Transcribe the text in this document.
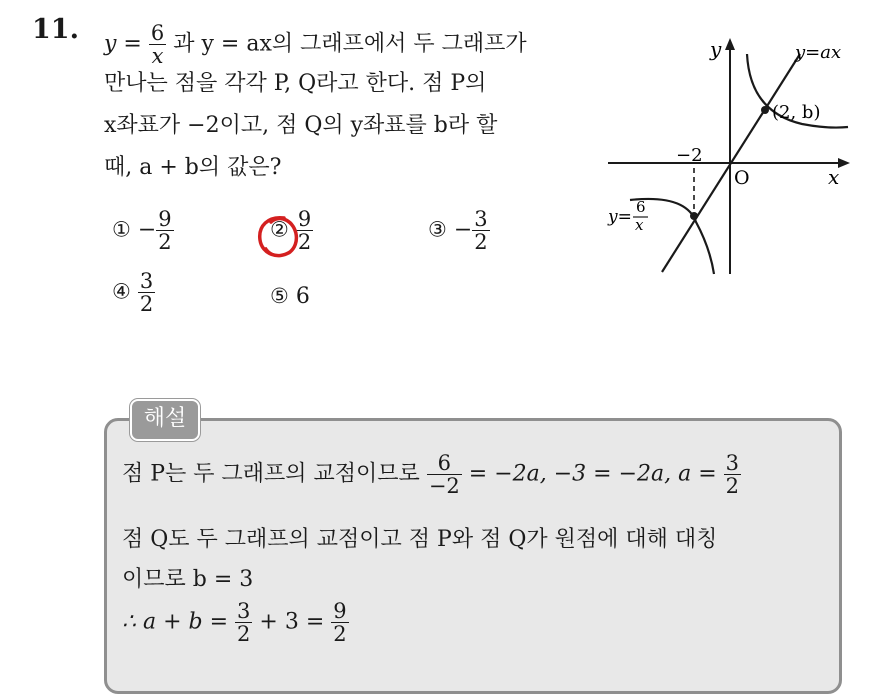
11. $y = \frac{6}{x}$ 과 y = ax의 그래프에서 두 그래프가
만나는 점을 각각 P, Q라고 한다. 점 P의
x좌표가 −2이고, 점 Q의 y좌표를 b라 할
때, a + b의 값은?
① − $\frac{9}{2}$	② $\frac{9}{2}$	③ − $\frac{3}{2}$
④ $\frac{3}{2}$	⑤ 6
y
x
O
y=ax
(2, b)
−2
y= 6
x
해설
점 P는 두 그래프의 교점이므로 $\frac{6}{-2} = -2a$, −3 = −2a, $a = \frac{3}{2}$
점 Q도 두 그래프의 교점이고 점 P와 점 Q가 원점에 대해 대칭
이므로 b = 3
∴ $a + b = \frac{3}{2} + 3 = \frac{9}{2}$
